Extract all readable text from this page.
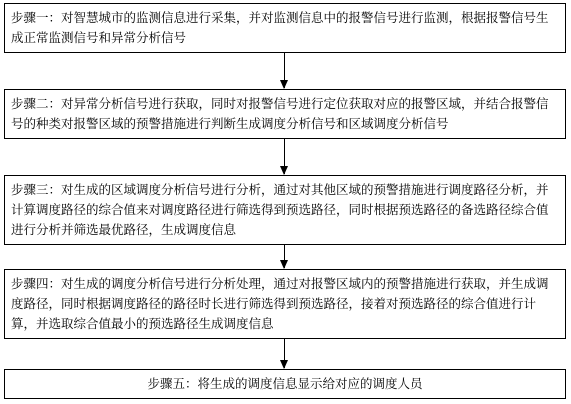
步骤一：对智慧城市的监测信息进行采集，并对监测信息中的报警信号进行监测，根据报警信号生成正常监测信号和异常分析信号
步骤二：对异常分析信号进行获取，同时对报警信号进行定位获取对应的报警区域，并结合报警信号的种类对报警区域的预警措施进行判断生成调度分析信号和区域调度分析信号
步骤三：对生成的区域调度分析信号进行分析，通过对其他区域的预警措施进行调度路径分析，并计算调度路径的综合值来对调度路径进行筛选得到预选路径，同时根据预选路径的备选路径综合值进行分析并筛选最优路径，生成调度信息
步骤四：对生成的调度分析信号进行分析处理，通过对报警区域内的预警措施进行获取，并生成调度路径，同时根据调度路径的路径时长进行筛选得到预选路径，接着对预选路径的综合值进行计算，并选取综合值最小的预选路径生成调度信息
步骤五：将生成的调度信息显示给对应的调度人员
